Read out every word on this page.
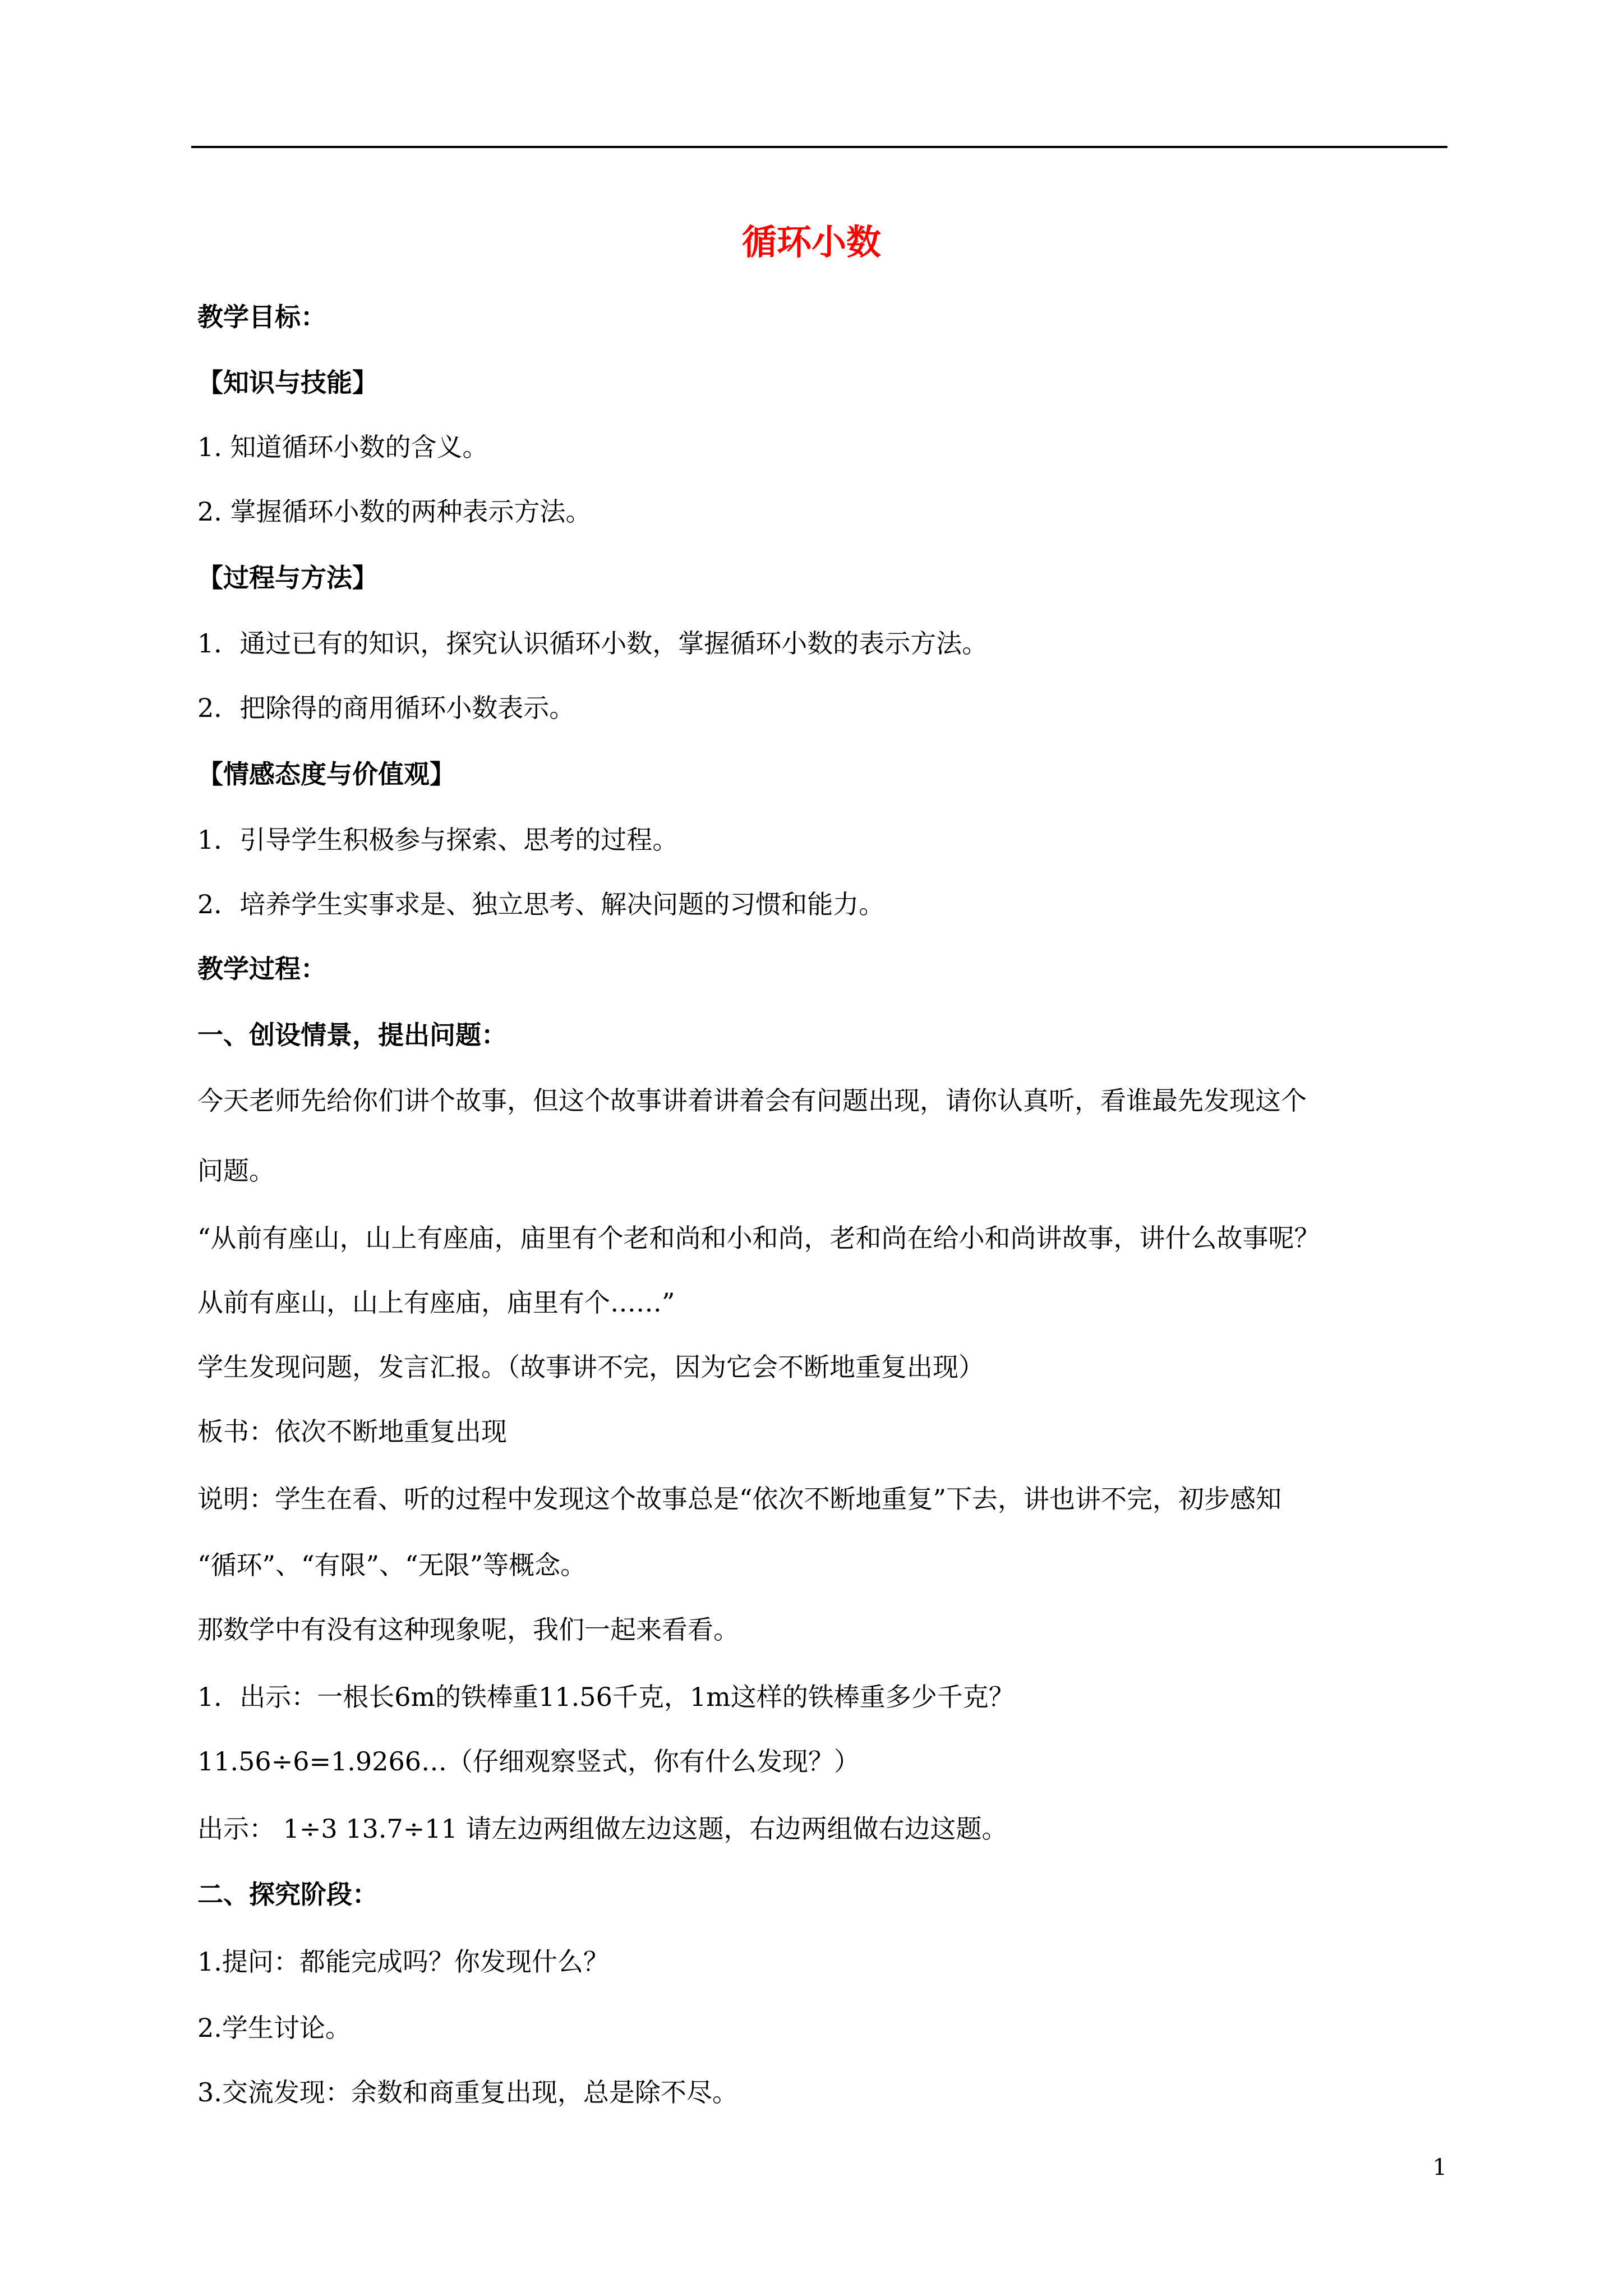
循环小数
教学目标：
【知识与技能】
1. 知道循环小数的含义。
2. 掌握循环小数的两种表示方法。
【过程与方法】
1．通过已有的知识，探究认识循环小数，掌握循环小数的表示方法。
2．把除得的商用循环小数表示。
【情感态度与价值观】
1．引导学生积极参与探索、思考的过程。
2．培养学生实事求是、独立思考、解决问题的习惯和能力。
教学过程：
一、创设情景，提出问题：
今天老师先给你们讲个故事，但这个故事讲着讲着会有问题出现，请你认真听，看谁最先发现这个
问题。
“从前有座山，山上有座庙，庙里有个老和尚和小和尚，老和尚在给小和尚讲故事，讲什么故事呢？
从前有座山，山上有座庙，庙里有个……”
学生发现问题，发言汇报。（故事讲不完，因为它会不断地重复出现）
板书：依次不断地重复出现
说明：学生在看、听的过程中发现这个故事总是“依次不断地重复”下去，讲也讲不完，初步感知
“循环”、“有限”、“无限”等概念。
那数学中有没有这种现象呢，我们一起来看看。
1．出示：一根长6m的铁棒重11.56千克，1m这样的铁棒重多少千克？
11.56÷6=1.9266…（仔细观察竖式，你有什么发现？）
出示： 1÷3 13.7÷11 请左边两组做左边这题，右边两组做右边这题。
二、探究阶段：
1.提问：都能完成吗？你发现什么？
2.学生讨论。
3.交流发现：余数和商重复出现，总是除不尽。
1
